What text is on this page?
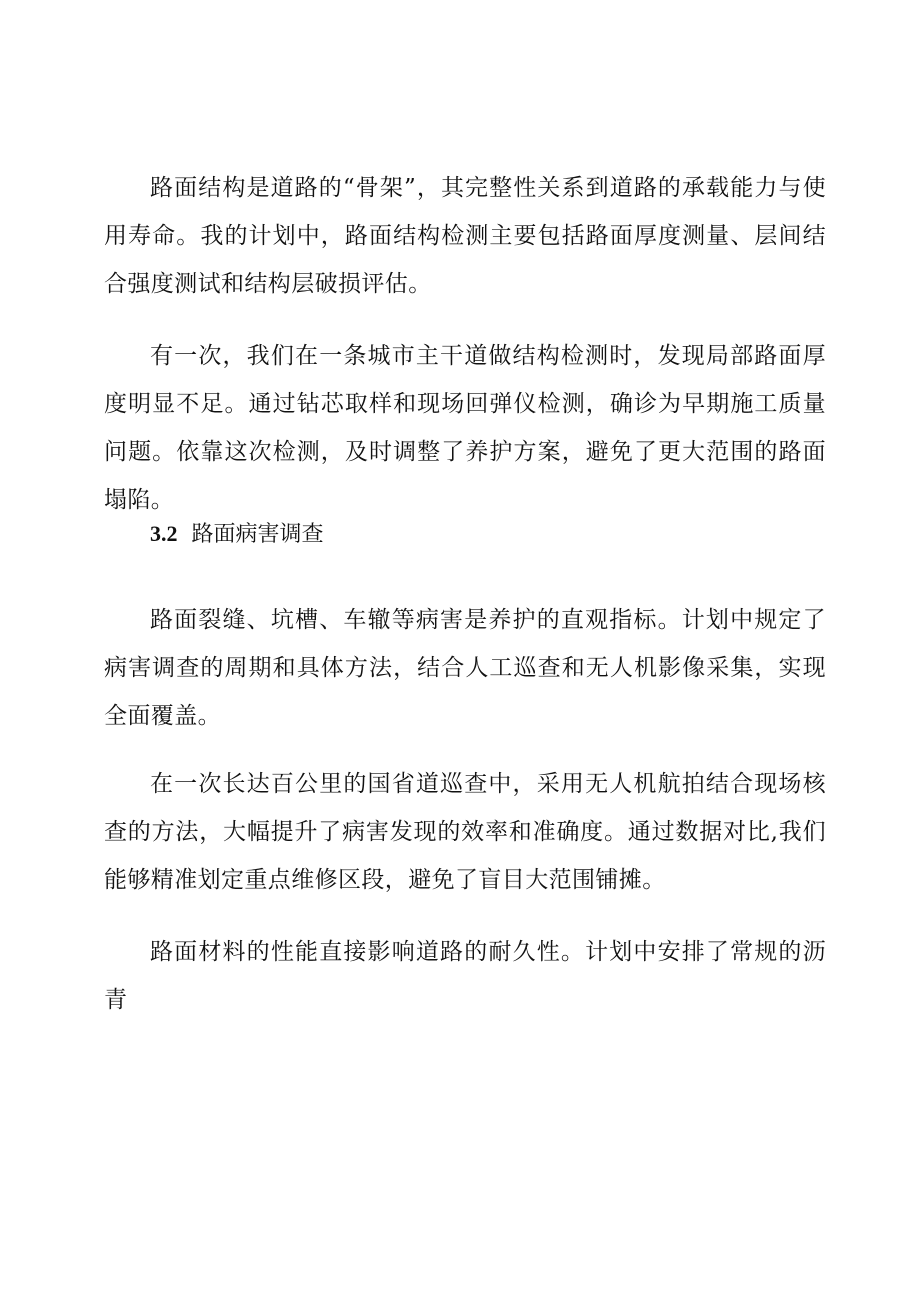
路面结构是道路的“骨架”，其完整性关系到道路的承载能力与使用寿命。我的计划中，路面结构检测主要包括路面厚度测量、层间结合强度测试和结构层破损评估。

有一次，我们在一条城市主干道做结构检测时，发现局部路面厚度明显不足。通过钻芯取样和现场回弹仪检测，确诊为早期施工质量问题。依靠这次检测，及时调整了养护方案，避免了更大范围的路面塌陷。

3.2 路面病害调查

路面裂缝、坑槽、车辙等病害是养护的直观指标。计划中规定了病害调查的周期和具体方法，结合人工巡查和无人机影像采集，实现全面覆盖。

在一次长达百公里的国省道巡查中，采用无人机航拍结合现场核查的方法，大幅提升了病害发现的效率和准确度。通过数据对比,我们能够精准划定重点维修区段，避免了盲目大范围铺摊。

路面材料的性能直接影响道路的耐久性。计划中安排了常规的沥青
